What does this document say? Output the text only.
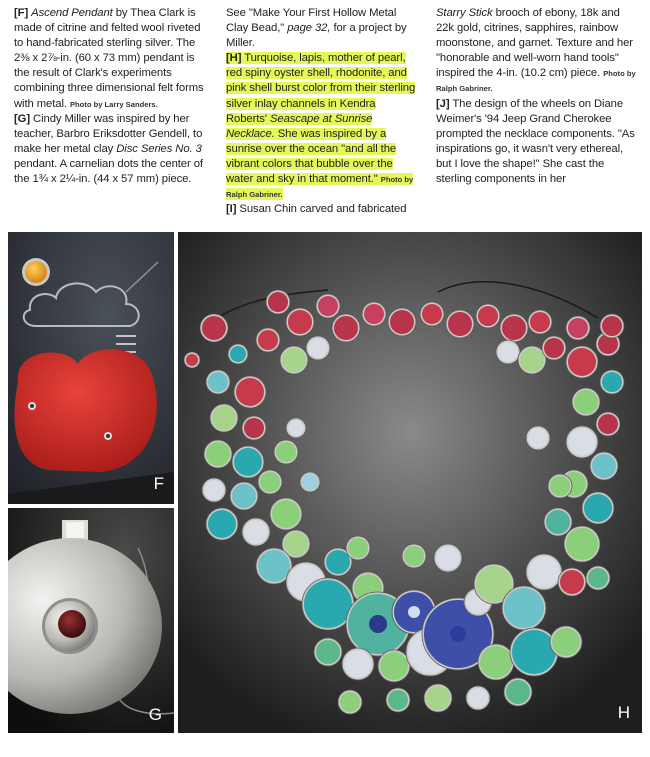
[F] Ascend Pendant by Thea Clark is made of citrine and felted wool riveted to hand-fabricated sterling silver. The 2⅜ x 2⅞-in. (60 x 73 mm) pendant is the result of Clark's experiments combining three dimensional felt forms with metal. Photo by Larry Sanders.

[G] Cindy Miller was inspired by her teacher, Barbro Eriksdotter Gendell, to make her metal clay Disc Series No. 3 pendant. A carnelian dots the center of the 1¾ x 2¼-in. (44 x 57 mm) piece.

See "Make Your First Hollow Metal Clay Bead," page 32, for a project by Miller.

[H] Turquoise, lapis, mother of pearl, red spiny oyster shell, rhodonite, and pink shell burst color from their sterling silver inlay channels in Kendra Roberts' Seascape at Sunrise Necklace. She was inspired by a sunrise over the ocean "and all the vibrant colors that bubble over the water and sky in that moment." Photo by Ralph Gabriner.

[I] Susan Chin carved and fabricated

Starry Stick brooch of ebony, 18k and 22k gold, citrines, sapphires, rainbow moonstone, and garnet. Texture and her "honorable and well-worn hand tools" inspired the 4-in. (10.2 cm) piece. Photo by Ralph Gabriner.

[J] The design of the wheels on Diane Weimer's '94 Jeep Grand Cherokee prompted the necklace components. "As inspirations go, it wasn't very ethereal, but I love the shape!" She cast the sterling components in her

F
G	H
